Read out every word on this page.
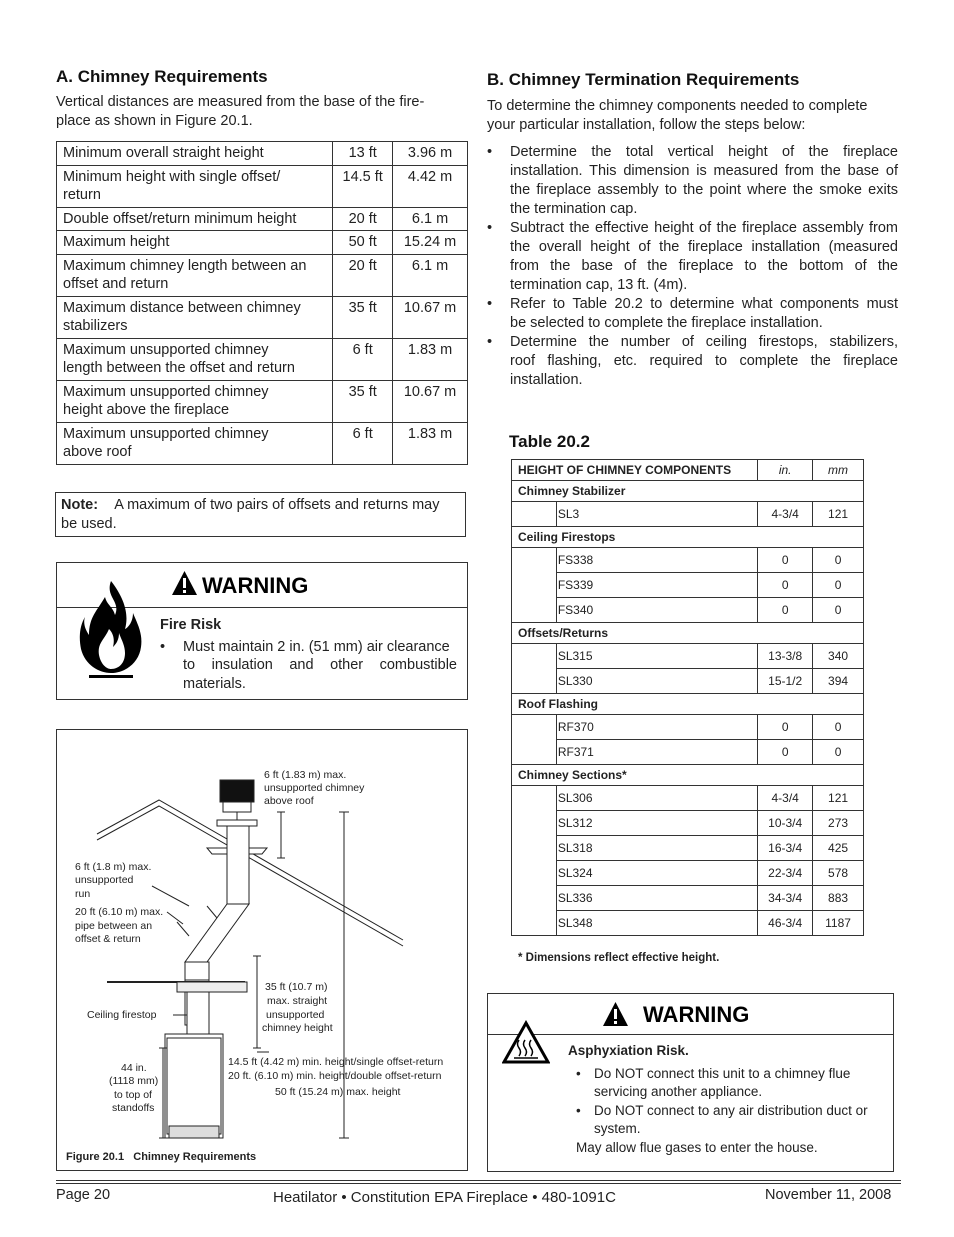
A. Chimney Requirements

Vertical distances are measured from the base of the fire-

place as shown in Figure 20.1.

Minimum overall straight height	13 ft	3.96 m
Minimum height with single offset/
return	14.5 ft	4.42 m
Double offset/return minimum height	20 ft	6.1 m
Maximum height	50 ft	15.24 m
Maximum chimney length between an
offset and return	20 ft	6.1 m
Maximum distance between chimney
stabilizers	35 ft	10.67 m
Maximum unsupported chimney
length between the offset and return	6 ft	1.83 m
Maximum unsupported chimney
height above the fireplace	35 ft	10.67 m
Maximum unsupported chimney
above roof	6 ft	1.83 m
Note: A maximum of two pairs of offsets and returns may
be used.
WARNING
Fire Risk
• Must maintain 2 in. (51 mm) air clearance
to insulation and other combustible
materials.
6 ft (1.83 m) max.
unsupported chimney
above roof
6 ft (1.8 m) max.
unsupported
run
20 ft (6.10 m) max.
pipe between an
offset & return
35 ft (10.7 m)
max. straight
unsupported
chimney height
Ceiling firestop
44 in.
(1118 mm)
to top of
standoffs
14.5 ft (4.42 m) min. height/single offset-return
20 ft. (6.10 m) min. height/double offset-return
50 ft (15.24 m) max. height
Figure 20.1   Chimney Requirements
B. Chimney Termination Requirements

To determine the chimney components needed to complete

your particular installation, follow the steps below:

• Determine the total vertical height of the fireplace
installation. This dimension is measured from the base of
the fireplace assembly to the point where the smoke exits
the termination cap.
• Subtract the effective height of the fireplace assembly from
the overall height of the fireplace installation (measured
from the base of the fireplace to the bottom of the
termination cap, 13 ft. (4m).
• Refer to Table 20.2 to determine what components must
be selected to complete the fireplace installation.
• Determine the number of ceiling firestops, stabilizers,
roof flashing, etc. required to complete the fireplace
installation.
Table 20.2
HEIGHT OF CHIMNEY COMPONENTS		in.	mm
Chimney Stabilizer			
	SL3	4-3/4	121
Ceiling Firestops			
	FS338	0	0
	FS339	0	0
	FS340	0	0
Offsets/Returns			
	SL315	13-3/8	340
	SL330	15-1/2	394
Roof Flashing			
	RF370	0	0
	RF371	0	0
Chimney Sections*			
	SL306	4-3/4	121
	SL312	10-3/4	273
	SL318	16-3/4	425
	SL324	22-3/4	578
	SL336	34-3/4	883
	SL348	46-3/4	1187
* Dimensions reflect effective height.
WARNING
Asphyxiation Risk.
• Do NOT connect this unit to a chimney flue
servicing another appliance.
• Do NOT connect to any air distribution duct or
system.
May allow flue gases to enter the house.
Page 20	Heatilator • Constitution EPA Fireplace • 480-1091C	November 11, 2008
